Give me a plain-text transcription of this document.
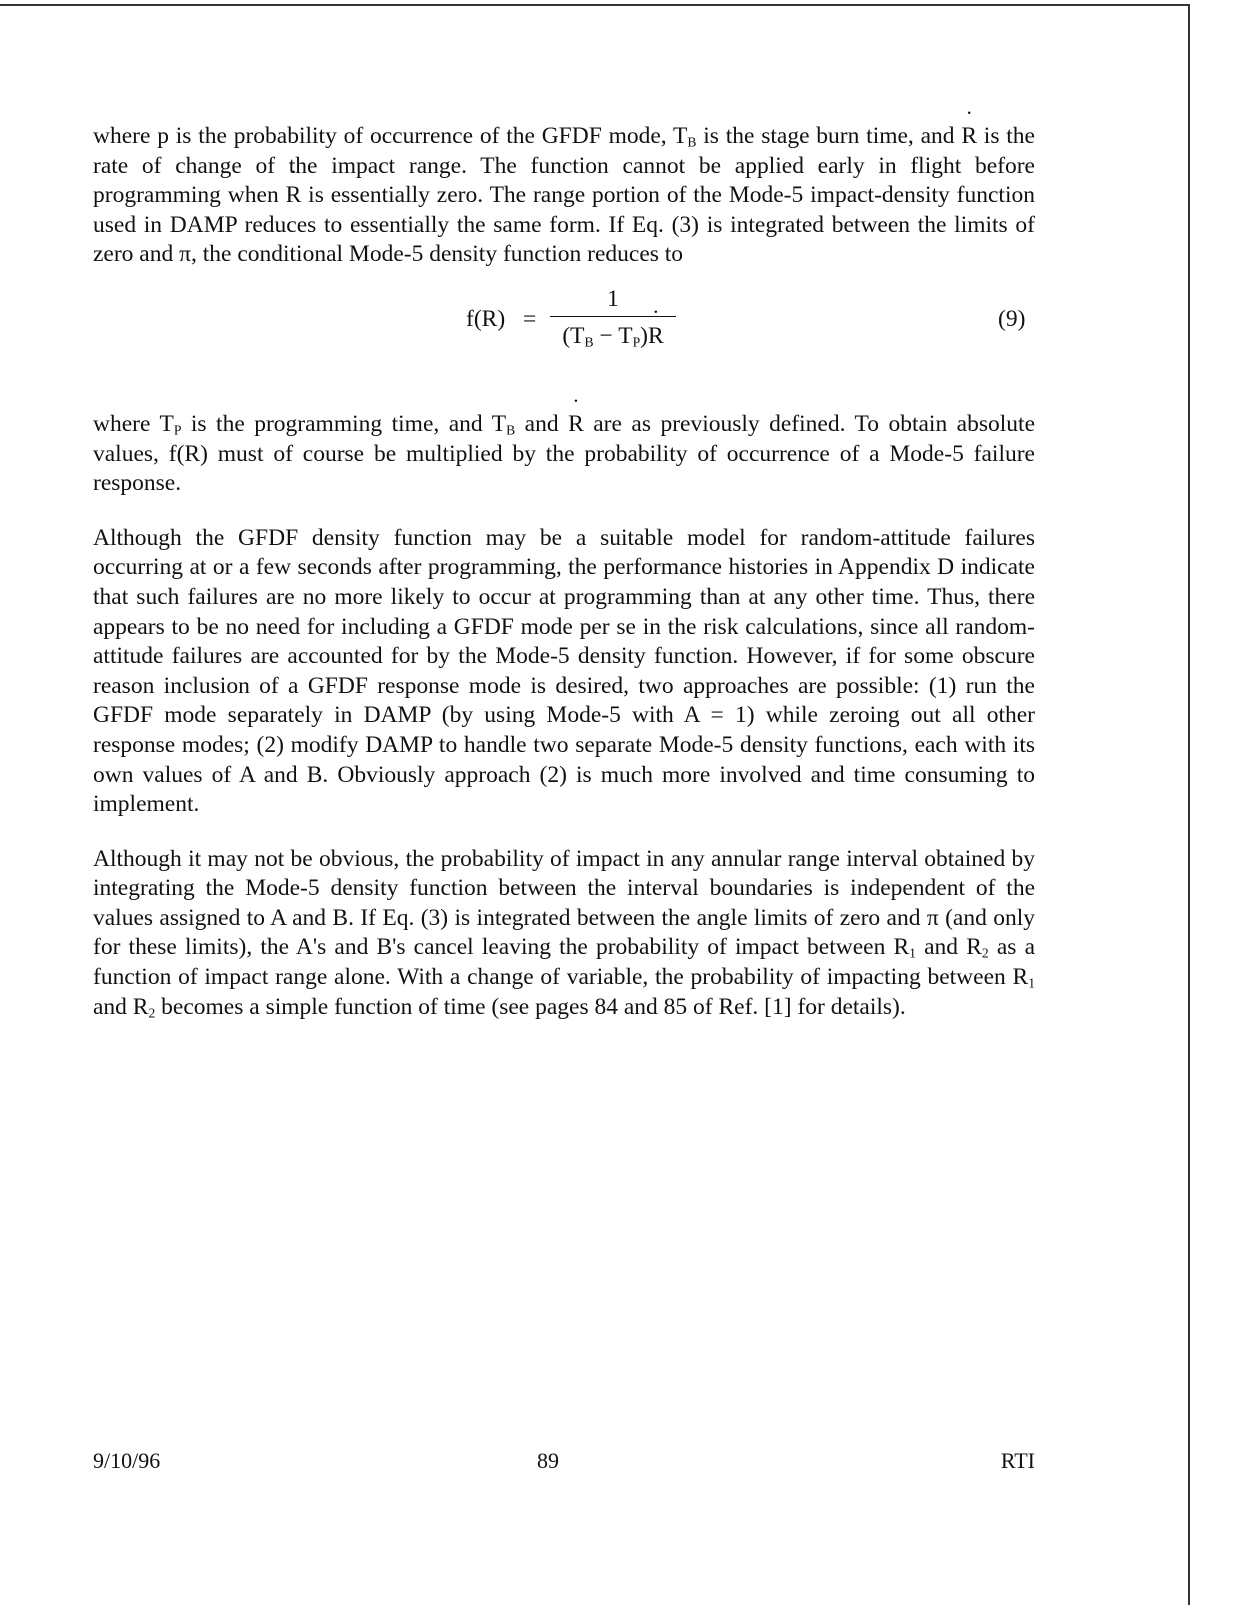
where p is the probability of occurrence of the GFDF mode, $T_B$ is the stage burn time, and ˙ R is the rate of change of the impact range. The function cannot be applied early in flight before programming when ˙ R is essentially zero. The range portion of the Mode-5 impact-density function used in DAMP reduces to essentially the same form. If Eq. (3) is integrated between the limits of zero and π, the conditional Mode-5 density function reduces to

f(R) =
1
($T_B$ − $T_P)˙$ R
(9)

where $T_P$ is the programming time, and $T_B$ and ˙ R are as previously defined. To obtain absolute values, f(R) must of course be multiplied by the probability of occurrence of a Mode-5 failure response.

Although the GFDF density function may be a suitable model for random-attitude failures occurring at or a few seconds after programming, the performance histories in Appendix D indicate that such failures are no more likely to occur at programming than at any other time. Thus, there appears to be no need for including a GFDF mode per se in the risk calculations, since all random-attitude failures are accounted for by the Mode-5 density function. However, if for some obscure reason inclusion of a GFDF response mode is desired, two approaches are possible: (1) run the GFDF mode separately in DAMP (by using Mode-5 with A = 1) while zeroing out all other response modes; (2) modify DAMP to handle two separate Mode-5 density functions, each with its own values of A and B. Obviously approach (2) is much more involved and time consuming to implement.

Although it may not be obvious, the probability of impact in any annular range interval obtained by integrating the Mode-5 density function between the interval boundaries is independent of the values assigned to A and B. If Eq. (3) is integrated between the angle limits of zero and π (and only for these limits), the A's and B's cancel leaving the probability of impact between $R_1$ and $R_2$ as a function of impact range alone. With a change of variable, the probability of impacting between $R_1$ and $R_2$ becomes a simple function of time (see pages 84 and 85 of Ref. [1] for details).

9/10/96	89	RTI
